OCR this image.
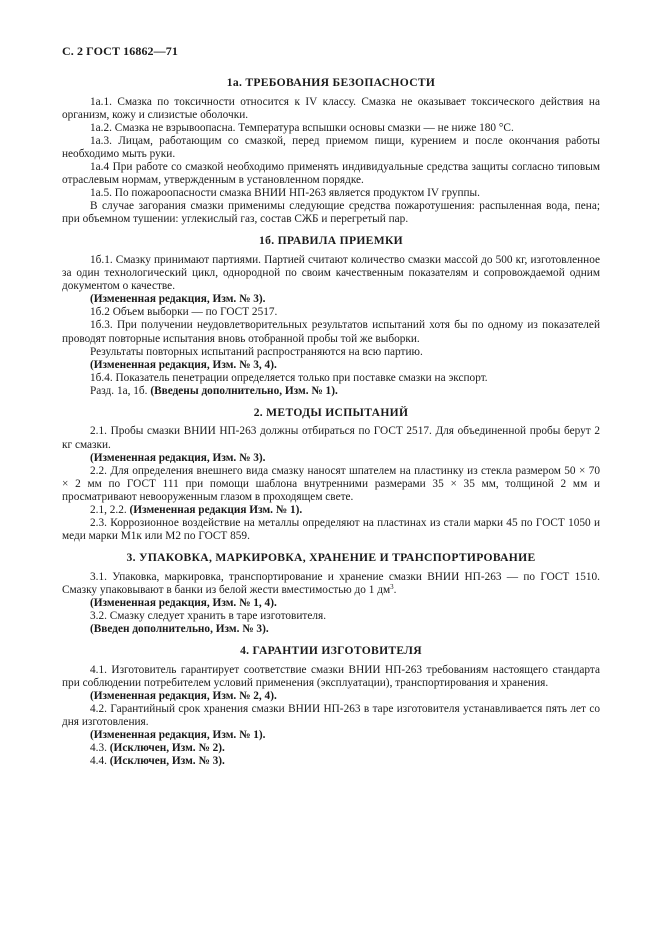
С. 2 ГОСТ 16862—71
1а. ТРЕБОВАНИЯ БЕЗОПАСНОСТИ

1а.1. Смазка по токсичности относится к IV классу. Смазка не оказывает токсического действия на организм, кожу и слизистые оболочки.

1а.2. Смазка не взрывоопасна. Температура вспышки основы смазки — не ниже 180 °С.

1а.3. Лицам, работающим со смазкой, перед приемом пищи, курением и после окончания работы необходимо мыть руки.

1а.4 При работе со смазкой необходимо применять индивидуальные средства защиты согласно типовым отраслевым нормам, утвержденным в установленном порядке.

1а.5. По пожароопасности смазка ВНИИ НП-263 является продуктом IV группы.

В случае загорания смазки применимы следующие средства пожаротушения: распыленная вода, пена; при объемном тушении: углекислый газ, состав СЖБ и перегретый пар.

1б. ПРАВИЛА ПРИЕМКИ

1б.1. Смазку принимают партиями. Партией считают количество смазки массой до 500 кг, изготовленное за один технологический цикл, однородной по своим качественным показателям и сопровождаемой одним документом о качестве.

(Измененная редакция, Изм. № 3).

1б.2 Объем выборки — по ГОСТ 2517.

1б.3. При получении неудовлетворительных результатов испытаний хотя бы по одному из показателей проводят повторные испытания вновь отобранной пробы той же выборки.

Результаты повторных испытаний распространяются на всю партию.

(Измененная редакция, Изм. № 3, 4).

1б.4. Показатель пенетрации определяется только при поставке смазки на экспорт.

Разд. 1а, 1б. (Введены дополнительно, Изм. № 1).

2. МЕТОДЫ ИСПЫТАНИЙ

2.1. Пробы смазки ВНИИ НП-263 должны отбираться по ГОСТ 2517. Для объединенной пробы берут 2 кг смазки.

(Измененная редакция, Изм. № 3).

2.2. Для определения внешнего вида смазку наносят шпателем на пластинку из стекла размером 50 × 70 × 2 мм по ГОСТ 111 при помощи шаблона внутренними размерами 35 × 35 мм, толщиной 2 мм и просматривают невооруженным глазом в проходящем свете.

2.1, 2.2. (Измененная редакция Изм. № 1).

2.3. Коррозионное воздействие на металлы определяют на пластинах из стали марки 45 по ГОСТ 1050 и меди марки М1к или М2 по ГОСТ 859.

3. УПАКОВКА, МАРКИРОВКА, ХРАНЕНИЕ И ТРАНСПОРТИРОВАНИЕ

3.1. Упаковка, маркировка, транспортирование и хранение смазки ВНИИ НП-263 — по ГОСТ 1510. Смазку упаковывают в банки из белой жести вместимостью до 1 $дм^3$.

(Измененная редакция, Изм. № 1, 4).

3.2. Смазку следует хранить в таре изготовителя.

(Введен дополнительно, Изм. № 3).

4. ГАРАНТИИ ИЗГОТОВИТЕЛЯ

4.1. Изготовитель гарантирует соответствие смазки ВНИИ НП-263 требованиям настоящего стандарта при соблюдении потребителем условий применения (эксплуатации), транспортирования и хранения.

(Измененная редакция, Изм. № 2, 4).

4.2. Гарантийный срок хранения смазки ВНИИ НП-263 в таре изготовителя устанавливается пять лет со дня изготовления.

(Измененная редакция, Изм. № 1).

4.3. (Исключен, Изм. № 2).

4.4. (Исключен, Изм. № 3).
